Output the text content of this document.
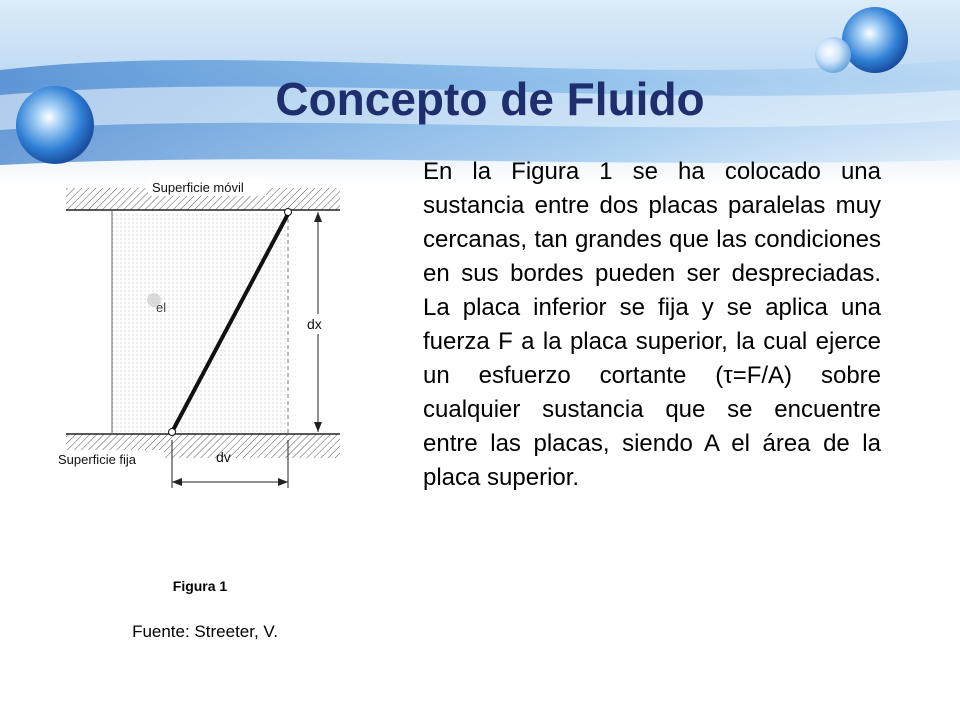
Concepto de Fluido
Superficie móvil
Superficie fija
dx
dv
el

En la Figura 1 se ha colocado una sustancia entre dos placas paralelas muy cercanas, tan grandes que las condiciones en sus bordes pueden ser despreciadas. La placa inferior se fija y se aplica una fuerza F a la placa superior, la cual ejerce un esfuerzo cortante (τ=F/A) sobre cualquier sustancia que se encuentre entre las placas, siendo A el área de la placa superior.

Figura 1
Fuente: Streeter, V.
